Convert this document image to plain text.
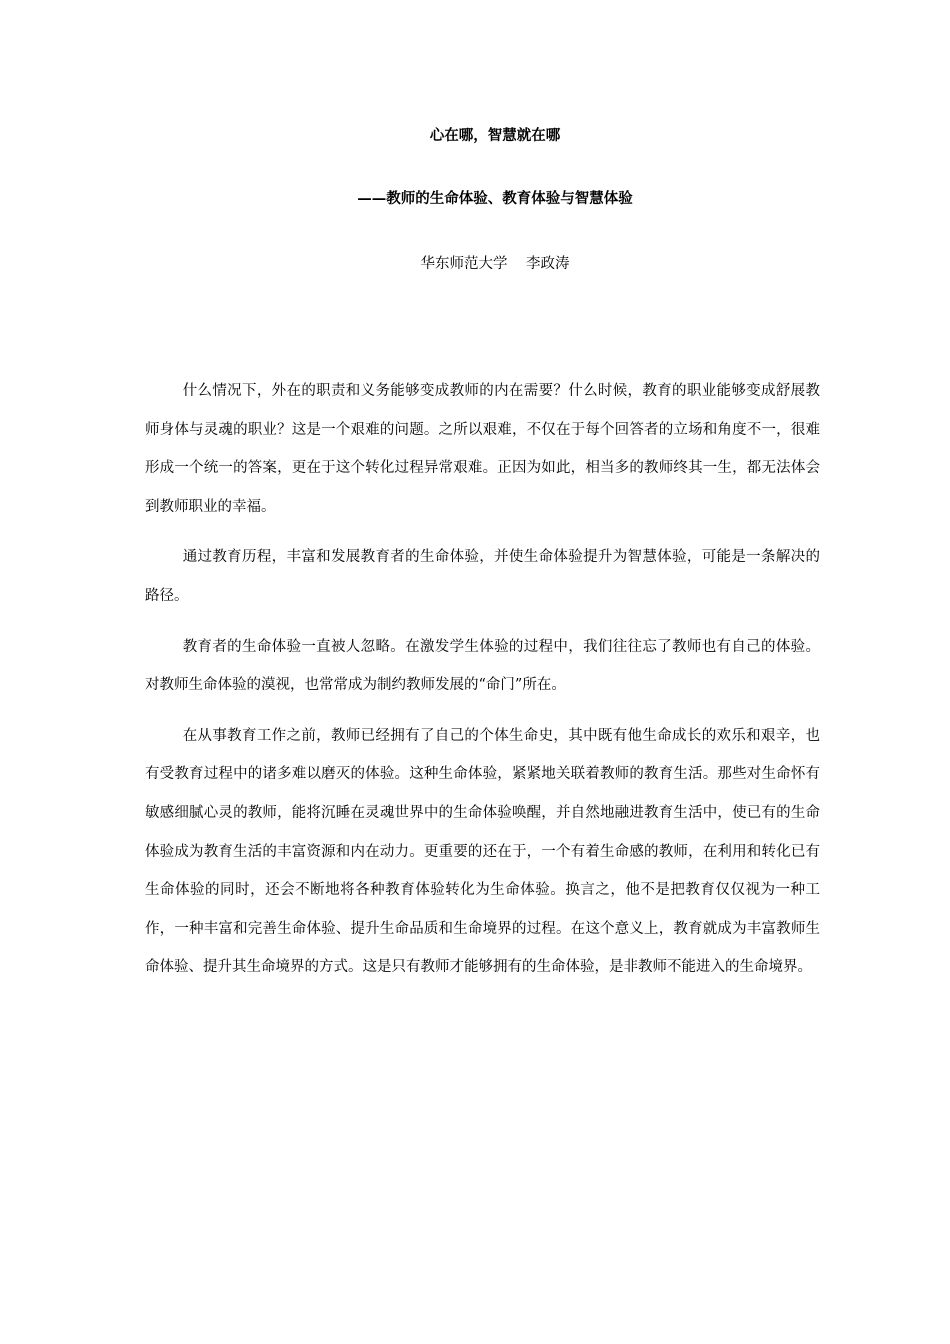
心在哪，智慧就在哪
——教师的生命体验、教育体验与智慧体验
华东师范大学    李政涛

什么情况下，外在的职责和义务能够变成教师的内在需要？什么时候，教育的职业能够变成舒展教师身体与灵魂的职业？这是一个艰难的问题。之所以艰难，不仅在于每个回答者的立场和角度不一，很难形成一个统一的答案，更在于这个转化过程异常艰难。正因为如此，相当多的教师终其一生，都无法体会到教师职业的幸福。

通过教育历程，丰富和发展教育者的生命体验，并使生命体验提升为智慧体验，可能是一条解决的路径。

教育者的生命体验一直被人忽略。在激发学生体验的过程中，我们往往忘了教师也有自己的体验。对教师生命体验的漠视，也常常成为制约教师发展的“命门”所在。

在从事教育工作之前，教师已经拥有了自己的个体生命史，其中既有他生命成长的欢乐和艰辛，也有受教育过程中的诸多难以磨灭的体验。这种生命体验，紧紧地关联着教师的教育生活。那些对生命怀有敏感细腻心灵的教师，能将沉睡在灵魂世界中的生命体验唤醒，并自然地融进教育生活中，使已有的生命体验成为教育生活的丰富资源和内在动力。更重要的还在于，一个有着生命感的教师，在利用和转化已有生命体验的同时，还会不断地将各种教育体验转化为生命体验。换言之，他不是把教育仅仅视为一种工作，一种丰富和完善生命体验、提升生命品质和生命境界的过程。在这个意义上，教育就成为丰富教师生命体验、提升其生命境界的方式。这是只有教师才能够拥有的生命体验，是非教师不能进入的生命境界。
